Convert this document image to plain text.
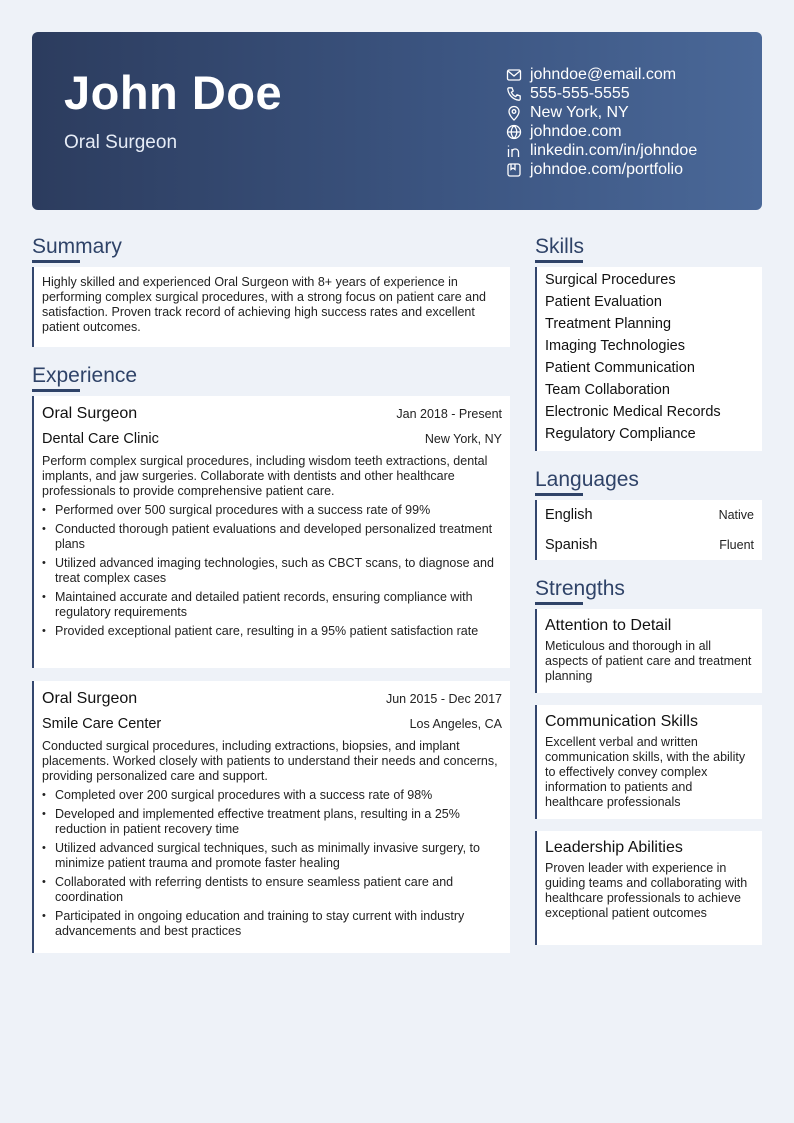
John Doe
Oral Surgeon
johndoe@email.com
555-555-5555
New York, NY
johndoe.com
linkedin.com/in/johndoe
johndoe.com/portfolio
Summary
Highly skilled and experienced Oral Surgeon with 8+ years of experience in performing complex surgical procedures, with a strong focus on patient care and satisfaction. Proven track record of achieving high success rates and excellent patient outcomes.
Experience
Oral Surgeon	Jan 2018 - Present
Dental Care Clinic	New York, NY
Perform complex surgical procedures, including wisdom teeth extractions, dental implants, and jaw surgeries. Collaborate with dentists and other healthcare professionals to provide comprehensive patient care.
• Performed over 500 surgical procedures with a success rate of 99%
• Conducted thorough patient evaluations and developed personalized treatment plans
• Utilized advanced imaging technologies, such as CBCT scans, to diagnose and treat complex cases
• Maintained accurate and detailed patient records, ensuring compliance with regulatory requirements
• Provided exceptional patient care, resulting in a 95% patient satisfaction rate
Oral Surgeon	Jun 2015 - Dec 2017
Smile Care Center	Los Angeles, CA
Conducted surgical procedures, including extractions, biopsies, and implant placements. Worked closely with patients to understand their needs and concerns, providing personalized care and support.
• Completed over 200 surgical procedures with a success rate of 98%
• Developed and implemented effective treatment plans, resulting in a 25% reduction in patient recovery time
• Utilized advanced surgical techniques, such as minimally invasive surgery, to minimize patient trauma and promote faster healing
• Collaborated with referring dentists to ensure seamless patient care and coordination
• Participated in ongoing education and training to stay current with industry advancements and best practices
Skills
Surgical Procedures
Patient Evaluation
Treatment Planning
Imaging Technologies
Patient Communication
Team Collaboration
Electronic Medical Records
Regulatory Compliance
Languages
English	Native
Spanish	Fluent
Strengths
Attention to Detail
Meticulous and thorough in all aspects of patient care and treatment planning
Communication Skills
Excellent verbal and written communication skills, with the ability to effectively convey complex information to patients and healthcare professionals
Leadership Abilities
Proven leader with experience in guiding teams and collaborating with healthcare professionals to achieve exceptional patient outcomes
